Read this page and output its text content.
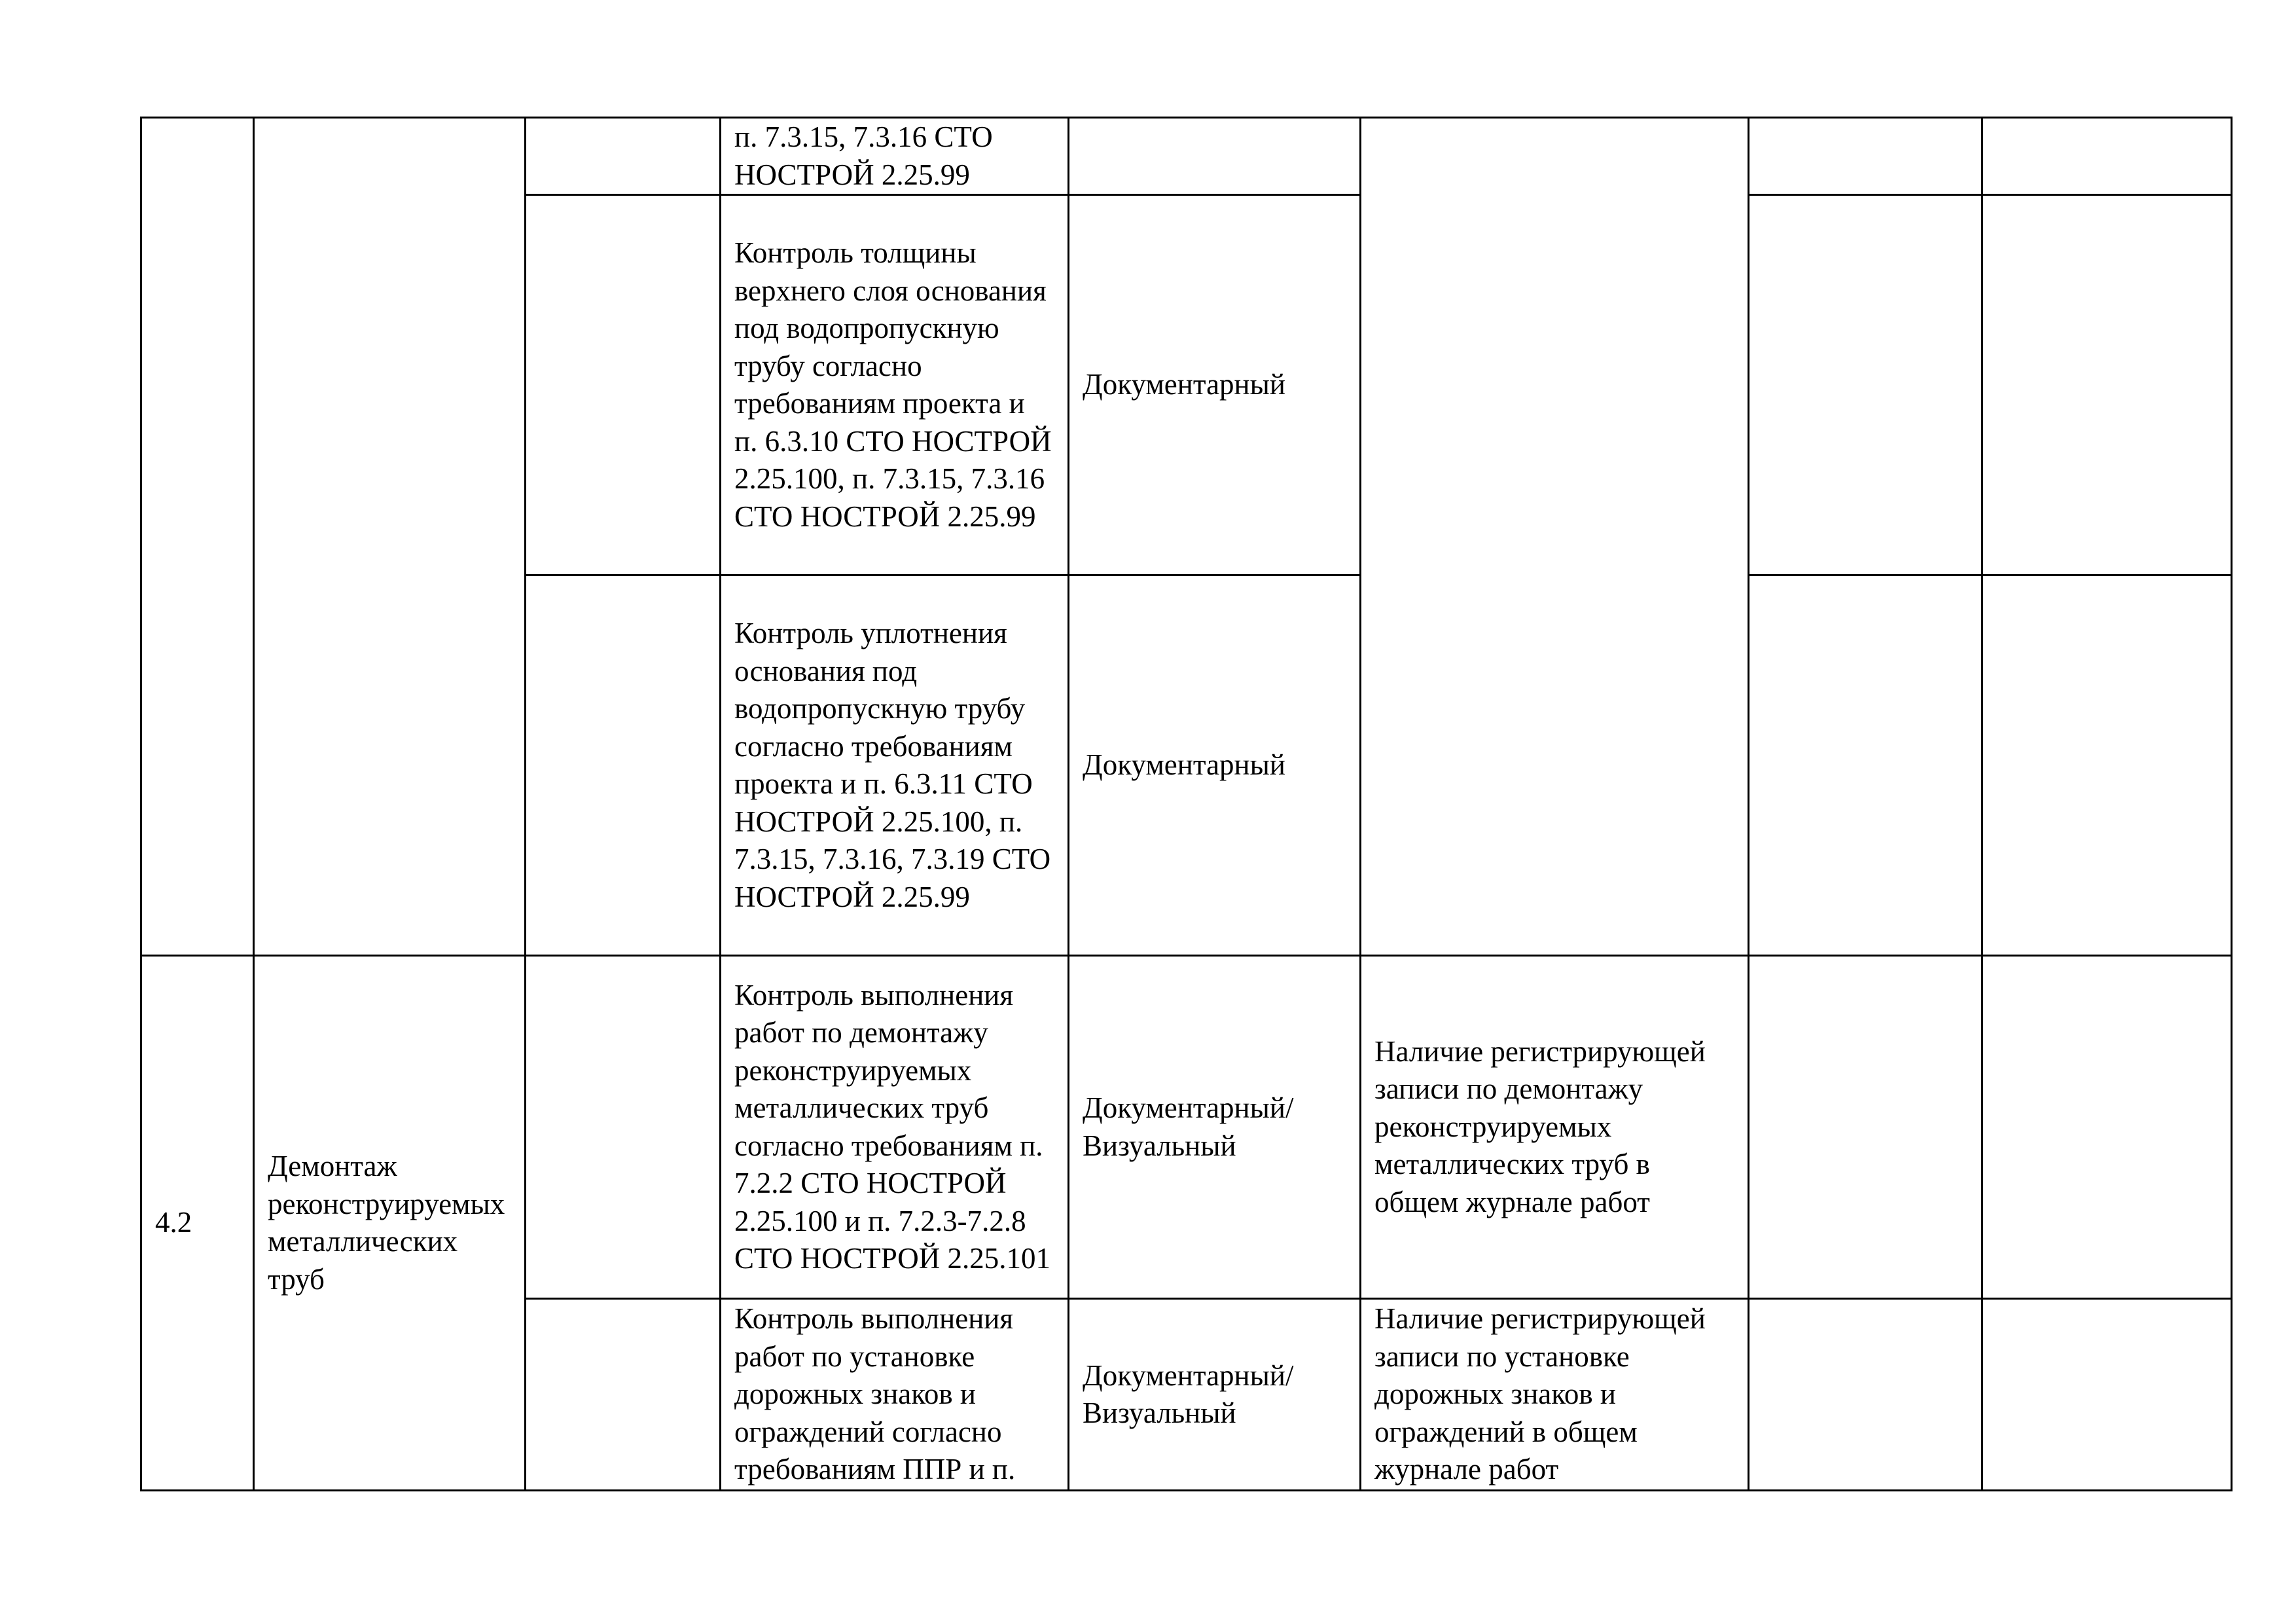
			п. 7.3.15, 7.3.16 СТО НОСТРОЙ 2.25.99				
			Контроль толщины верхнего слоя основания под водопропускную трубу согласно требованиям проекта и п. 6.3.10 СТО НОСТРОЙ 2.25.100, п. 7.3.15, 7.3.16 СТО НОСТРОЙ 2.25.99	Документарный			
			Контроль уплотнения основания под водопропускную трубу согласно требованиям проекта и п. 6.3.11 СТО НОСТРОЙ 2.25.100, п. 7.3.15, 7.3.16, 7.3.19 СТО НОСТРОЙ 2.25.99	Документарный			
4.2	Демонтаж реконструируемых металлических труб		Контроль выполнения работ по демонтажу реконструируемых металлических труб согласно требованиям п. 7.2.2 СТО НОСТРОЙ 2.25.100 и п. 7.2.3-7.2.8 СТО НОСТРОЙ 2.25.101	Документарный/ Визуальный	Наличие регистрирующей записи по демонтажу реконструируемых металлических труб в общем журнале работ		
			Контроль выполнения работ по установке дорожных знаков и ограждений согласно требованиям ППР и п.	Документарный/ Визуальный	Наличие регистрирующей записи по установке дорожных знаков и ограждений в общем журнале работ		
